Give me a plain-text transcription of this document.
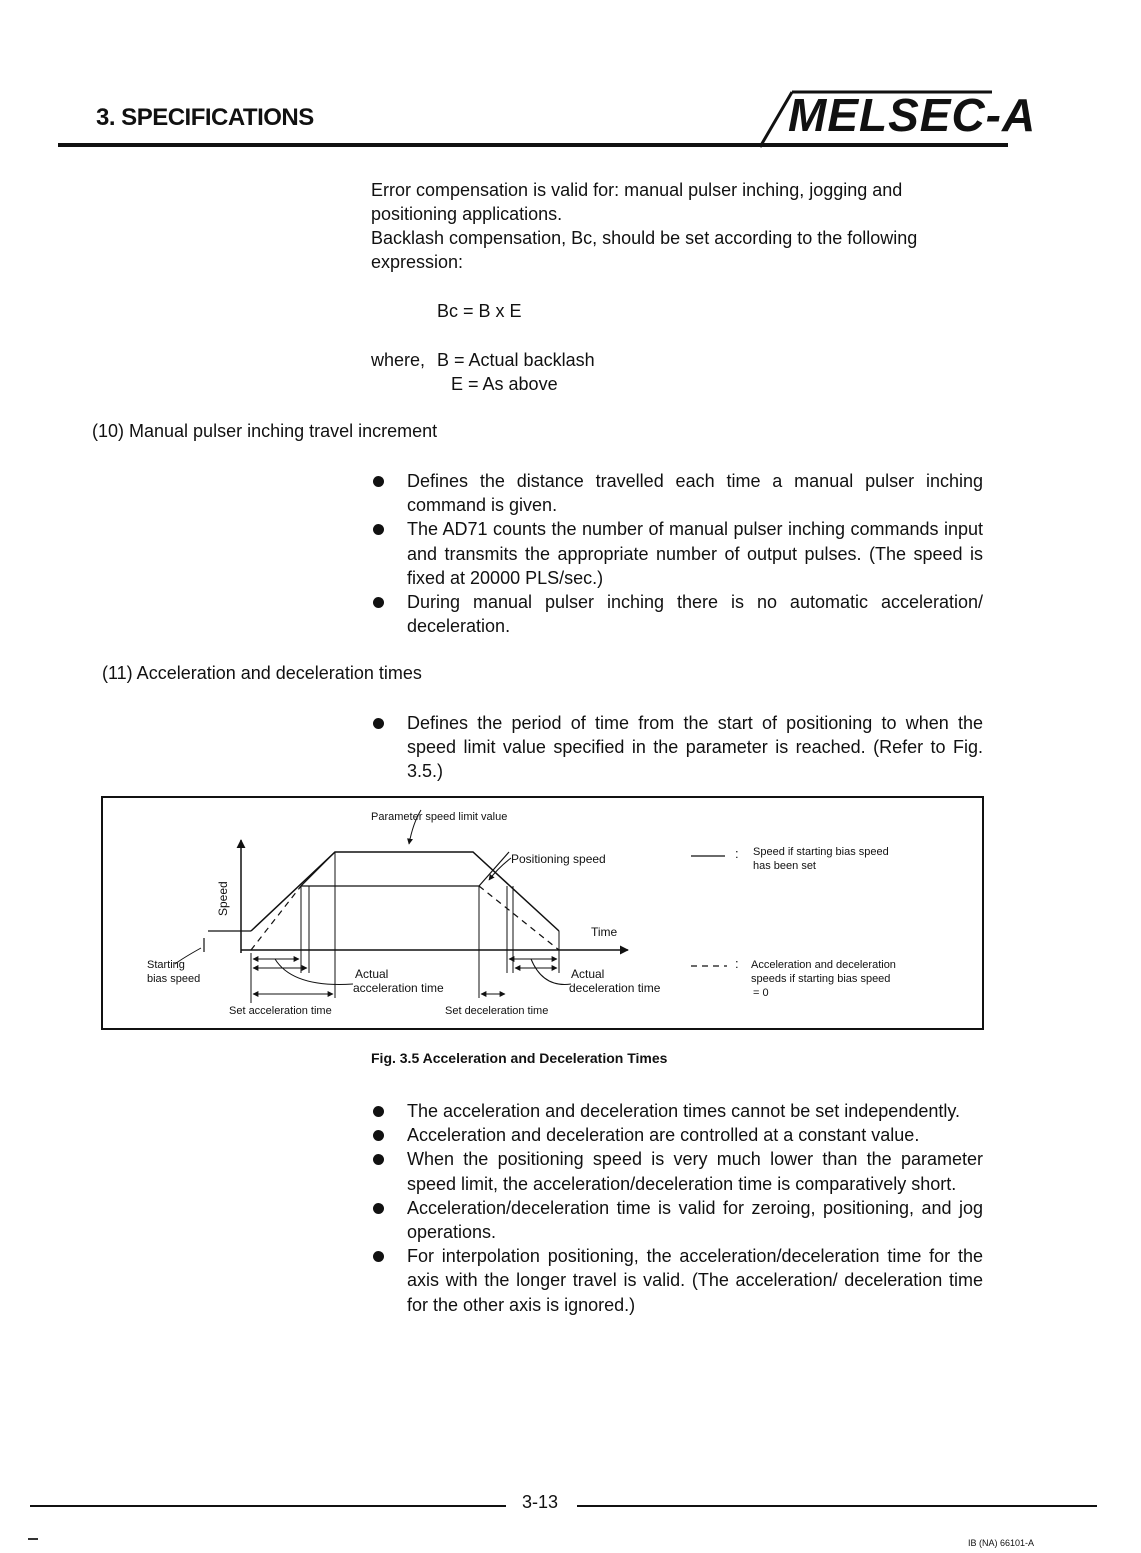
3. SPECIFICATIONS	MELSEC-A
Error compensation is valid for: manual pulser inching, jogging and
positioning applications.
Backlash compensation, Bc, should be set according to the following
expression:
Bc = B x E
where, B = Actual backlash
E = As above
(10) Manual pulser inching travel increment
Defines the distance travelled each time a manual pulser inching command is given.
The AD71 counts the number of manual pulser inching commands input and transmits the appropriate number of output pulses. (The speed is fixed at 20000 PLS/sec.)
During manual pulser inching there is no automatic acceleration/ deceleration.
(11) Acceleration and deceleration times
Defines the period of time from the start of positioning to when the speed limit value specified in the parameter is reached. (Refer to Fig. 3.5.)
Parameter speed limit value
Positioning speed
Speed
Time
Starting
bias speed	Actual
acceleration time
Actual
deceleration time
Set acceleration time	Set deceleration time
: Speed if starting bias speed
has been set
: Acceleration and deceleration
speeds if starting bias speed
= 0
Fig. 3.5 Acceleration and Deceleration Times
The acceleration and deceleration times cannot be set independently.
Acceleration and deceleration are controlled at a constant value.
When the positioning speed is very much lower than the parameter speed limit, the acceleration/deceleration time is comparatively short.
Acceleration/deceleration time is valid for zeroing, positioning, and jog operations.
For interpolation positioning, the acceleration/deceleration time for the axis with the longer travel is valid. (The acceleration/ deceleration time for the other axis is ignored.)
3-13
IB (NA) 66101-A
